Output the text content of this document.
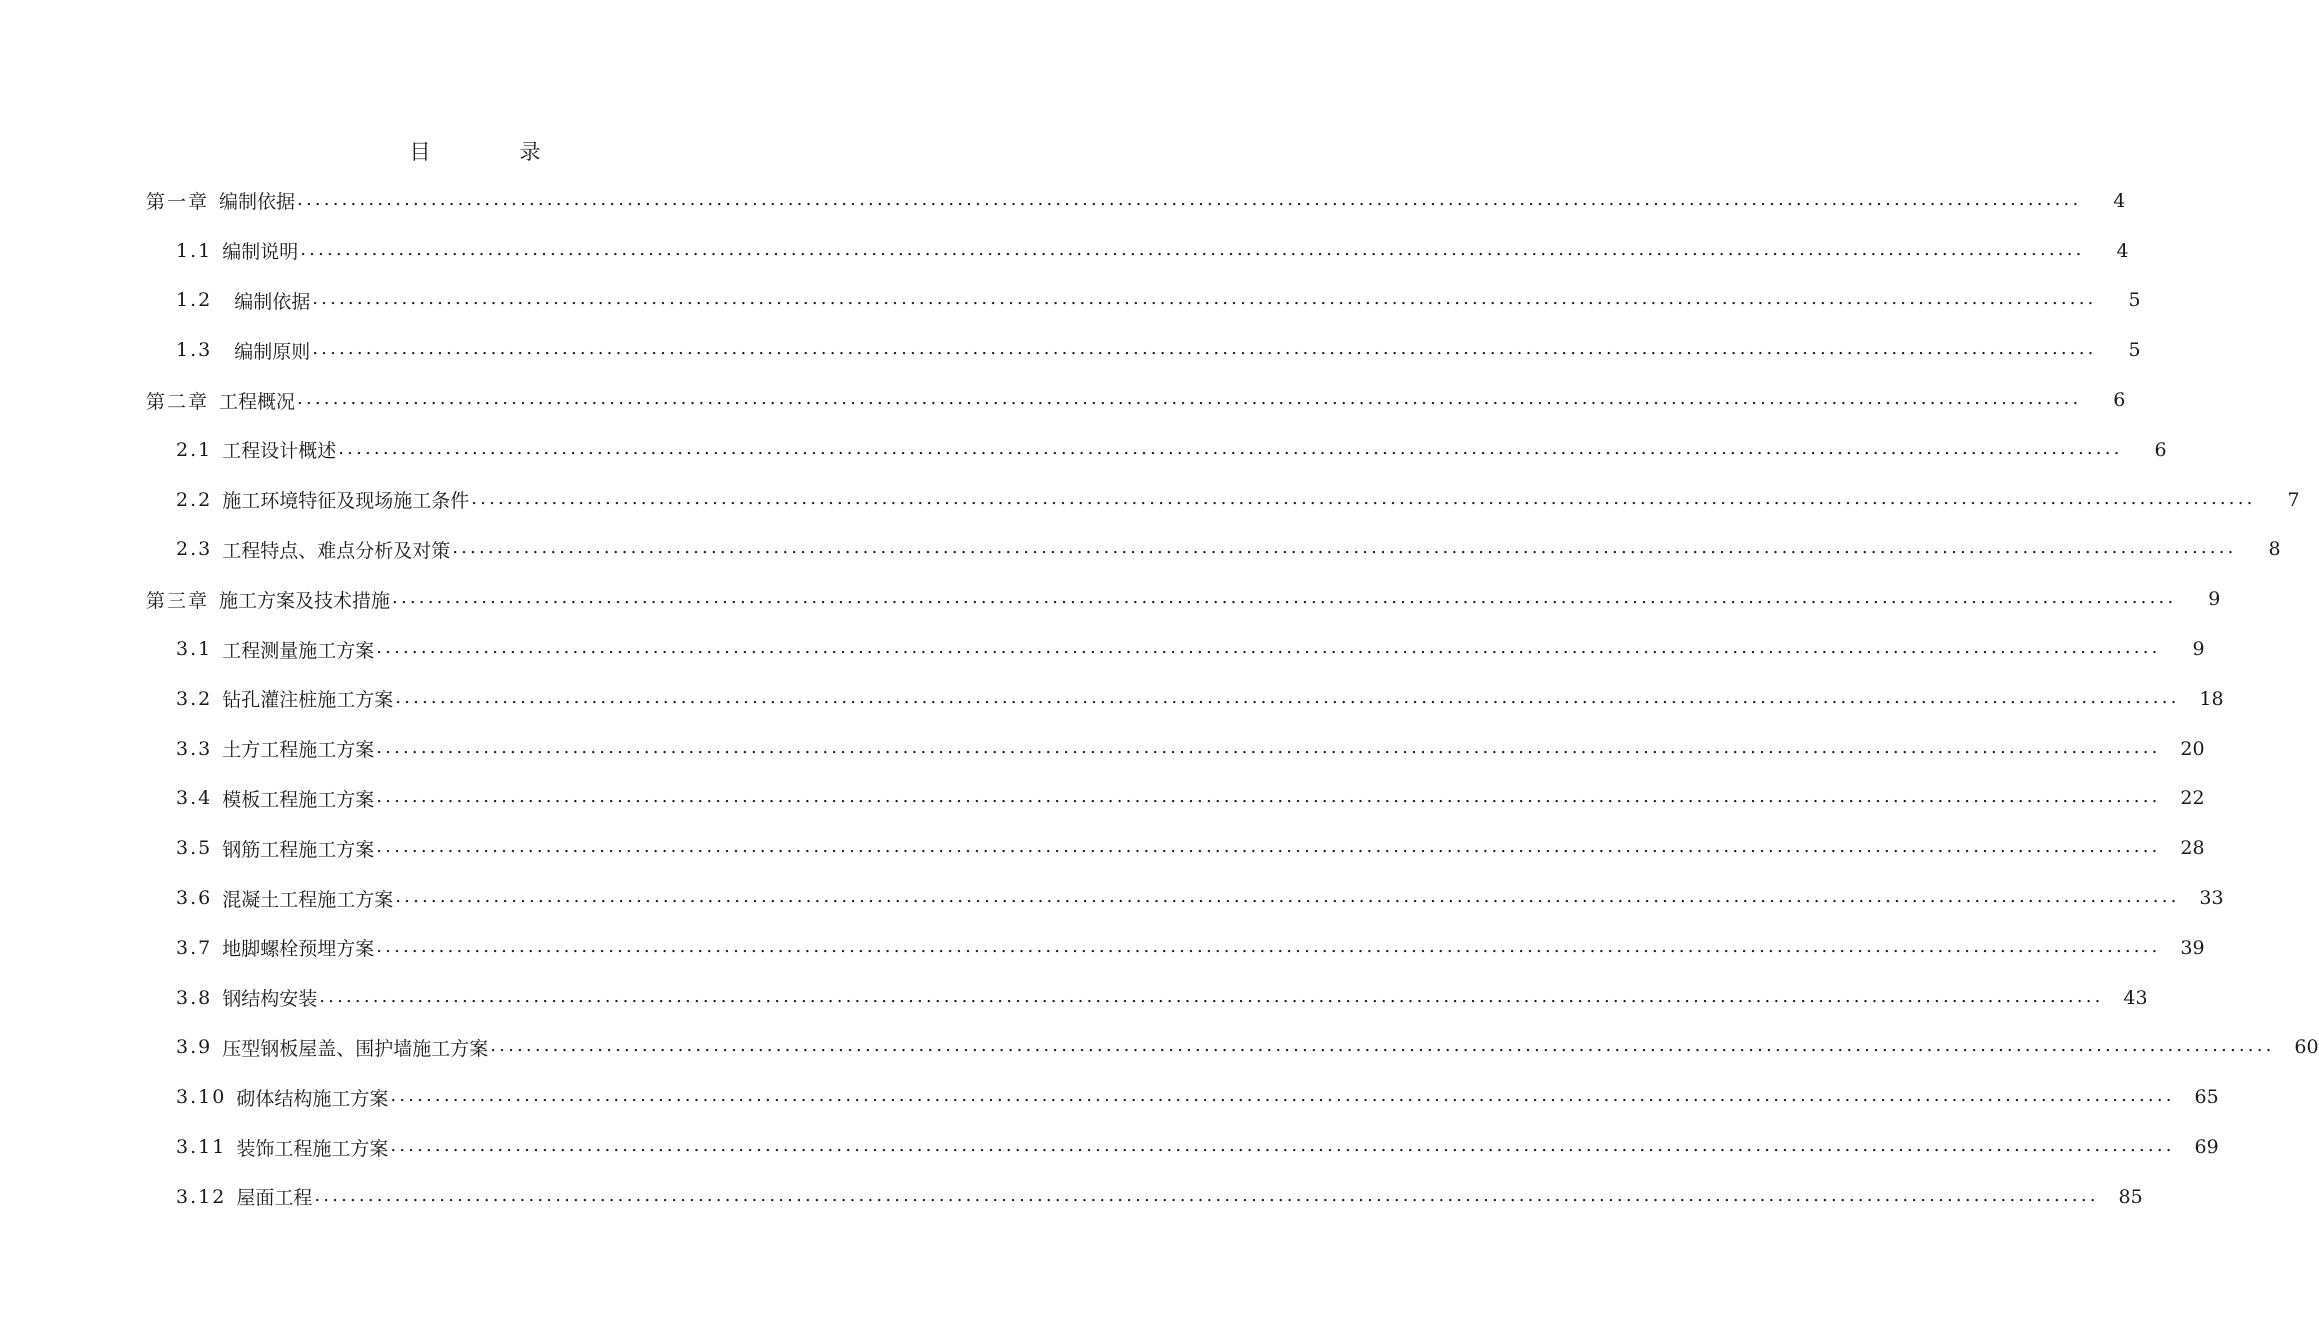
目　录
第一章 编制依据 ........................................................................................................................................................................................................	4
1.1 编制说明 ........................................................................................................................................................................................................	4
1.2 编制依据 ........................................................................................................................................................................................................	5
1.3 编制原则 ........................................................................................................................................................................................................	5
第二章 工程概况 ........................................................................................................................................................................................................	6
2.1 工程设计概述 ........................................................................................................................................................................................................	6
2.2 施工环境特征及现场施工条件 ........................................................................................................................................................................................................	7
2.3 工程特点、难点分析及对策 ........................................................................................................................................................................................................	8
第三章 施工方案及技术措施 ........................................................................................................................................................................................................	9
3.1 工程测量施工方案 ........................................................................................................................................................................................................	9
3.2 钻孔灌注桩施工方案 ........................................................................................................................................................................................................	18
3.3 土方工程施工方案 ........................................................................................................................................................................................................	20
3.4 模板工程施工方案 ........................................................................................................................................................................................................	22
3.5 钢筋工程施工方案 ........................................................................................................................................................................................................	28
3.6 混凝土工程施工方案 ........................................................................................................................................................................................................	33
3.7 地脚螺栓预埋方案 ........................................................................................................................................................................................................	39
3.8 钢结构安装 ........................................................................................................................................................................................................	43
3.9 压型钢板屋盖、围护墙施工方案 ........................................................................................................................................................................................................	60
3.10 砌体结构施工方案 ........................................................................................................................................................................................................	65
3.11 装饰工程施工方案 ........................................................................................................................................................................................................	69
3.12 屋面工程 ........................................................................................................................................................................................................	85
